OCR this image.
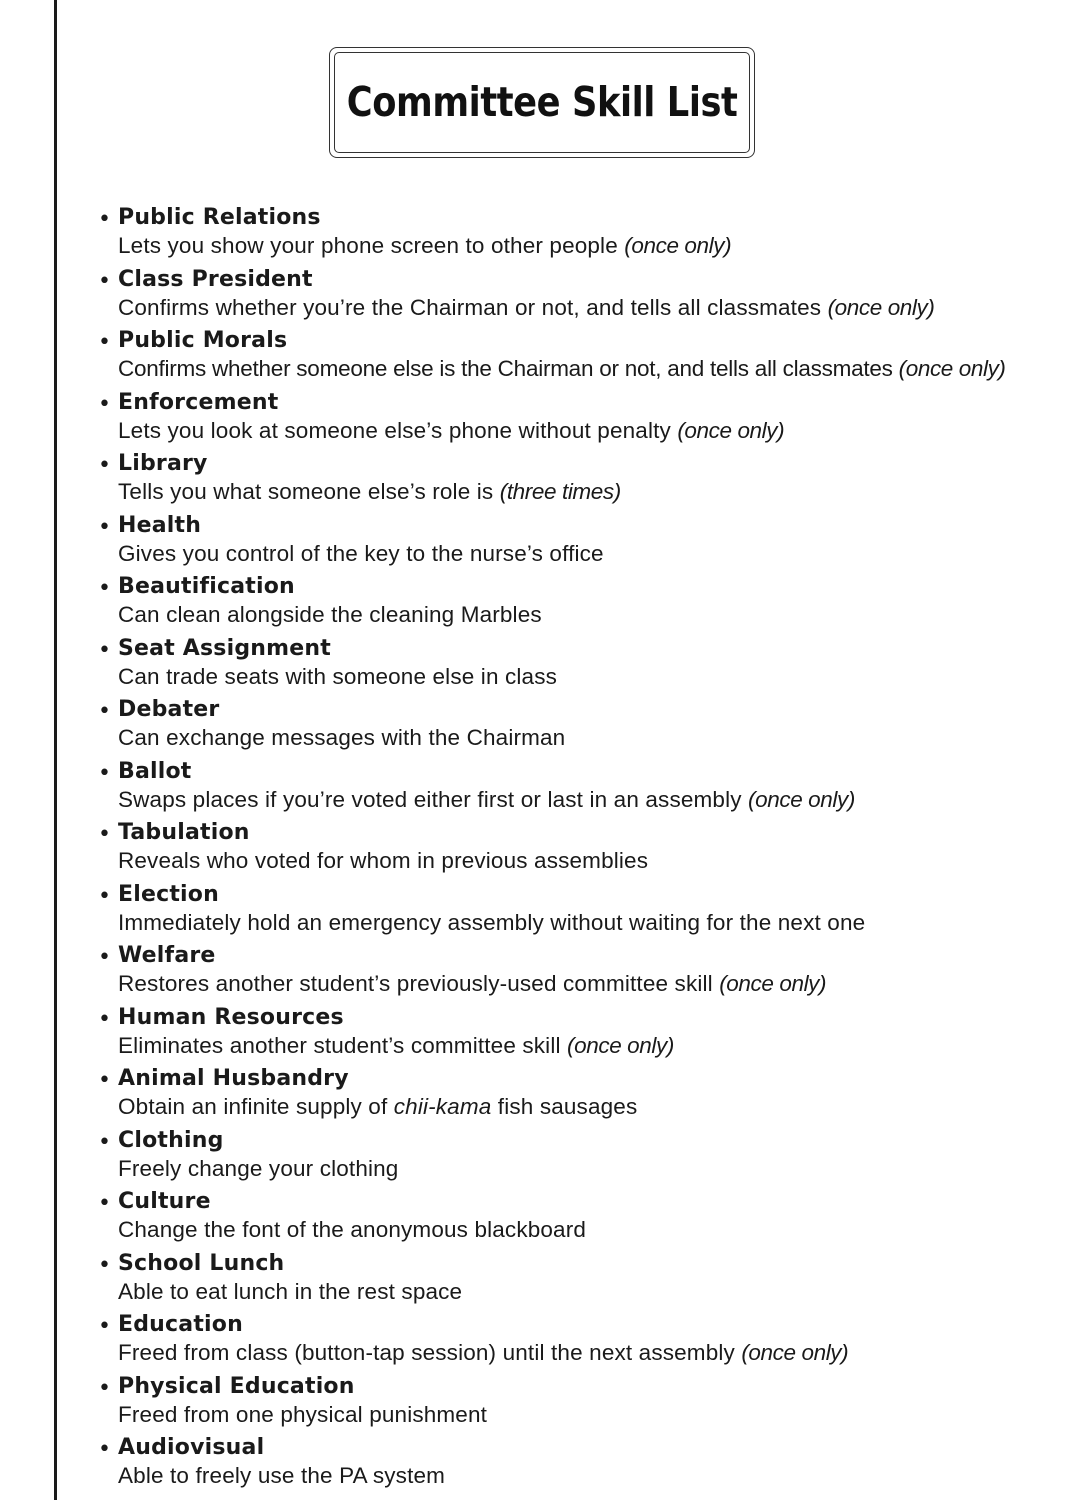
Committee Skill List
• Public Relations
Lets you show your phone screen to other people (once only)
• Class President
Confirms whether you’re the Chairman or not, and tells all classmates (once only)
• Public Morals
Confirms whether someone else is the Chairman or not, and tells all classmates (once only)
• Enforcement
Lets you look at someone else’s phone without penalty (once only)
• Library
Tells you what someone else’s role is (three times)
• Health
Gives you control of the key to the nurse’s office
• Beautification
Can clean alongside the cleaning Marbles
• Seat Assignment
Can trade seats with someone else in class
• Debater
Can exchange messages with the Chairman
• Ballot
Swaps places if you’re voted either first or last in an assembly (once only)
• Tabulation
Reveals who voted for whom in previous assemblies
• Election
Immediately hold an emergency assembly without waiting for the next one
• Welfare
Restores another student’s previously-used committee skill (once only)
• Human Resources
Eliminates another student’s committee skill (once only)
• Animal Husbandry
Obtain an infinite supply of chii-kama fish sausages
• Clothing
Freely change your clothing
• Culture
Change the font of the anonymous blackboard
• School Lunch
Able to eat lunch in the rest space
• Education
Freed from class (button-tap session) until the next assembly (once only)
• Physical Education
Freed from one physical punishment
• Audiovisual
Able to freely use the PA system
